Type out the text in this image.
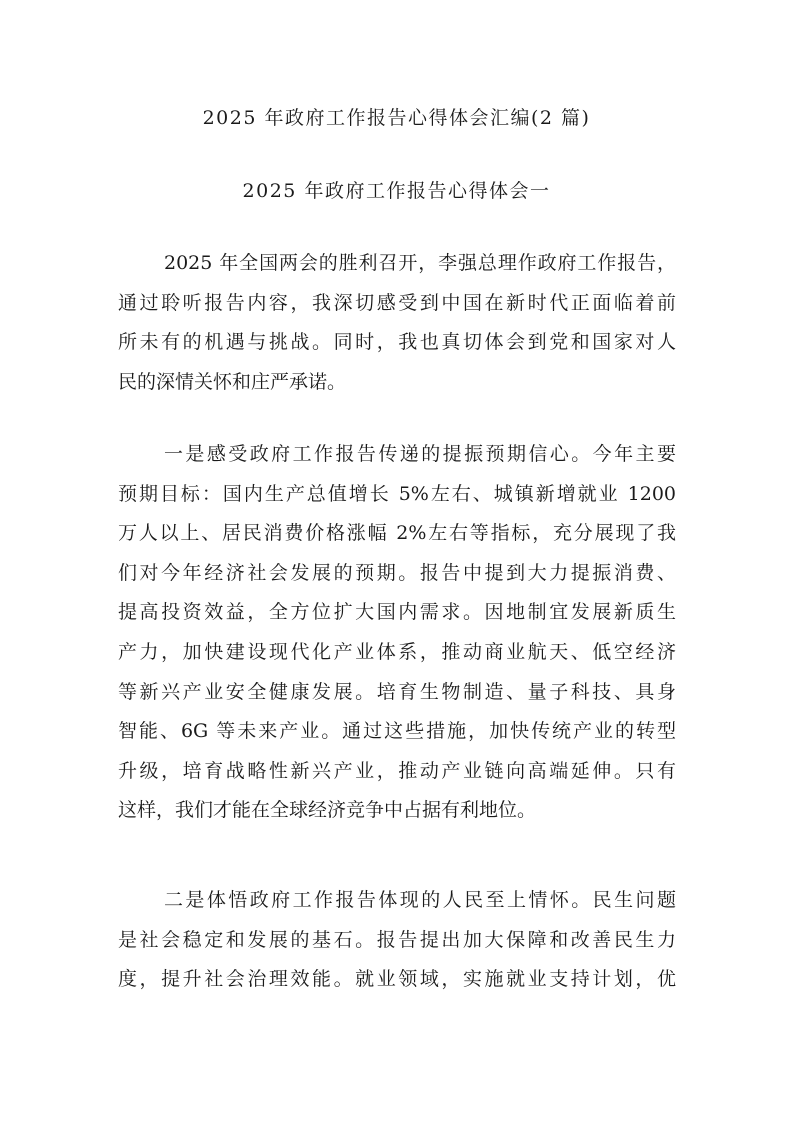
2025 年政府工作报告心得体会汇编(2 篇)
2025 年政府工作报告心得体会一
2025 年全国两会的胜利召开，李强总理作政府工作报告，
通过聆听报告内容，我深切感受到中国在新时代正面临着前
所未有的机遇与挑战。同时，我也真切体会到党和国家对人
民的深情关怀和庄严承诺。
一是感受政府工作报告传递的提振预期信心。今年主要
预期目标：国内生产总值增长 5%左右、城镇新增就业 1200
万人以上、居民消费价格涨幅 2%左右等指标，充分展现了我
们对今年经济社会发展的预期。报告中提到大力提振消费、
提高投资效益，全方位扩大国内需求。因地制宜发展新质生
产力，加快建设现代化产业体系，推动商业航天、低空经济
等新兴产业安全健康发展。培育生物制造、量子科技、具身
智能、6G 等未来产业。通过这些措施，加快传统产业的转型
升级，培育战略性新兴产业，推动产业链向高端延伸。只有
这样，我们才能在全球经济竞争中占据有利地位。
二是体悟政府工作报告体现的人民至上情怀。民生问题
是社会稳定和发展的基石。报告提出加大保障和改善民生力
度，提升社会治理效能。就业领域，实施就业支持计划，优
